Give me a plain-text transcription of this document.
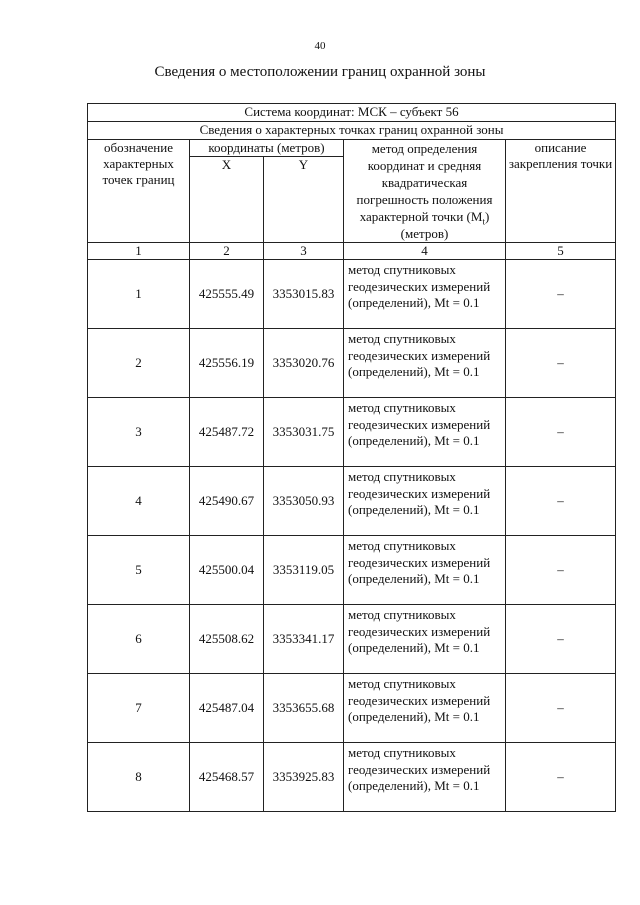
40
Сведения о местоположении границ охранной зоны
Система координат: МСК – субъект 56				
Сведения о характерных точках границ охранной зоны				
обозначение характерных точек границ	координаты (метров)		метод определения координат и средняя квадратическая погрешность положения характерной точки $(M_t)$ (метров)	описание закрепления точки
	X	Y		
1	2	3	4	5
1	425555.49	3353015.83	метод спутниковых геодезических измерений (определений), Mt = 0.1	–
2	425556.19	3353020.76	метод спутниковых геодезических измерений (определений), Mt = 0.1	–
3	425487.72	3353031.75	метод спутниковых геодезических измерений (определений), Mt = 0.1	–
4	425490.67	3353050.93	метод спутниковых геодезических измерений (определений), Mt = 0.1	–
5	425500.04	3353119.05	метод спутниковых геодезических измерений (определений), Mt = 0.1	–
6	425508.62	3353341.17	метод спутниковых геодезических измерений (определений), Mt = 0.1	–
7	425487.04	3353655.68	метод спутниковых геодезических измерений (определений), Mt = 0.1	–
8	425468.57	3353925.83	метод спутниковых геодезических измерений (определений), Mt = 0.1	–
